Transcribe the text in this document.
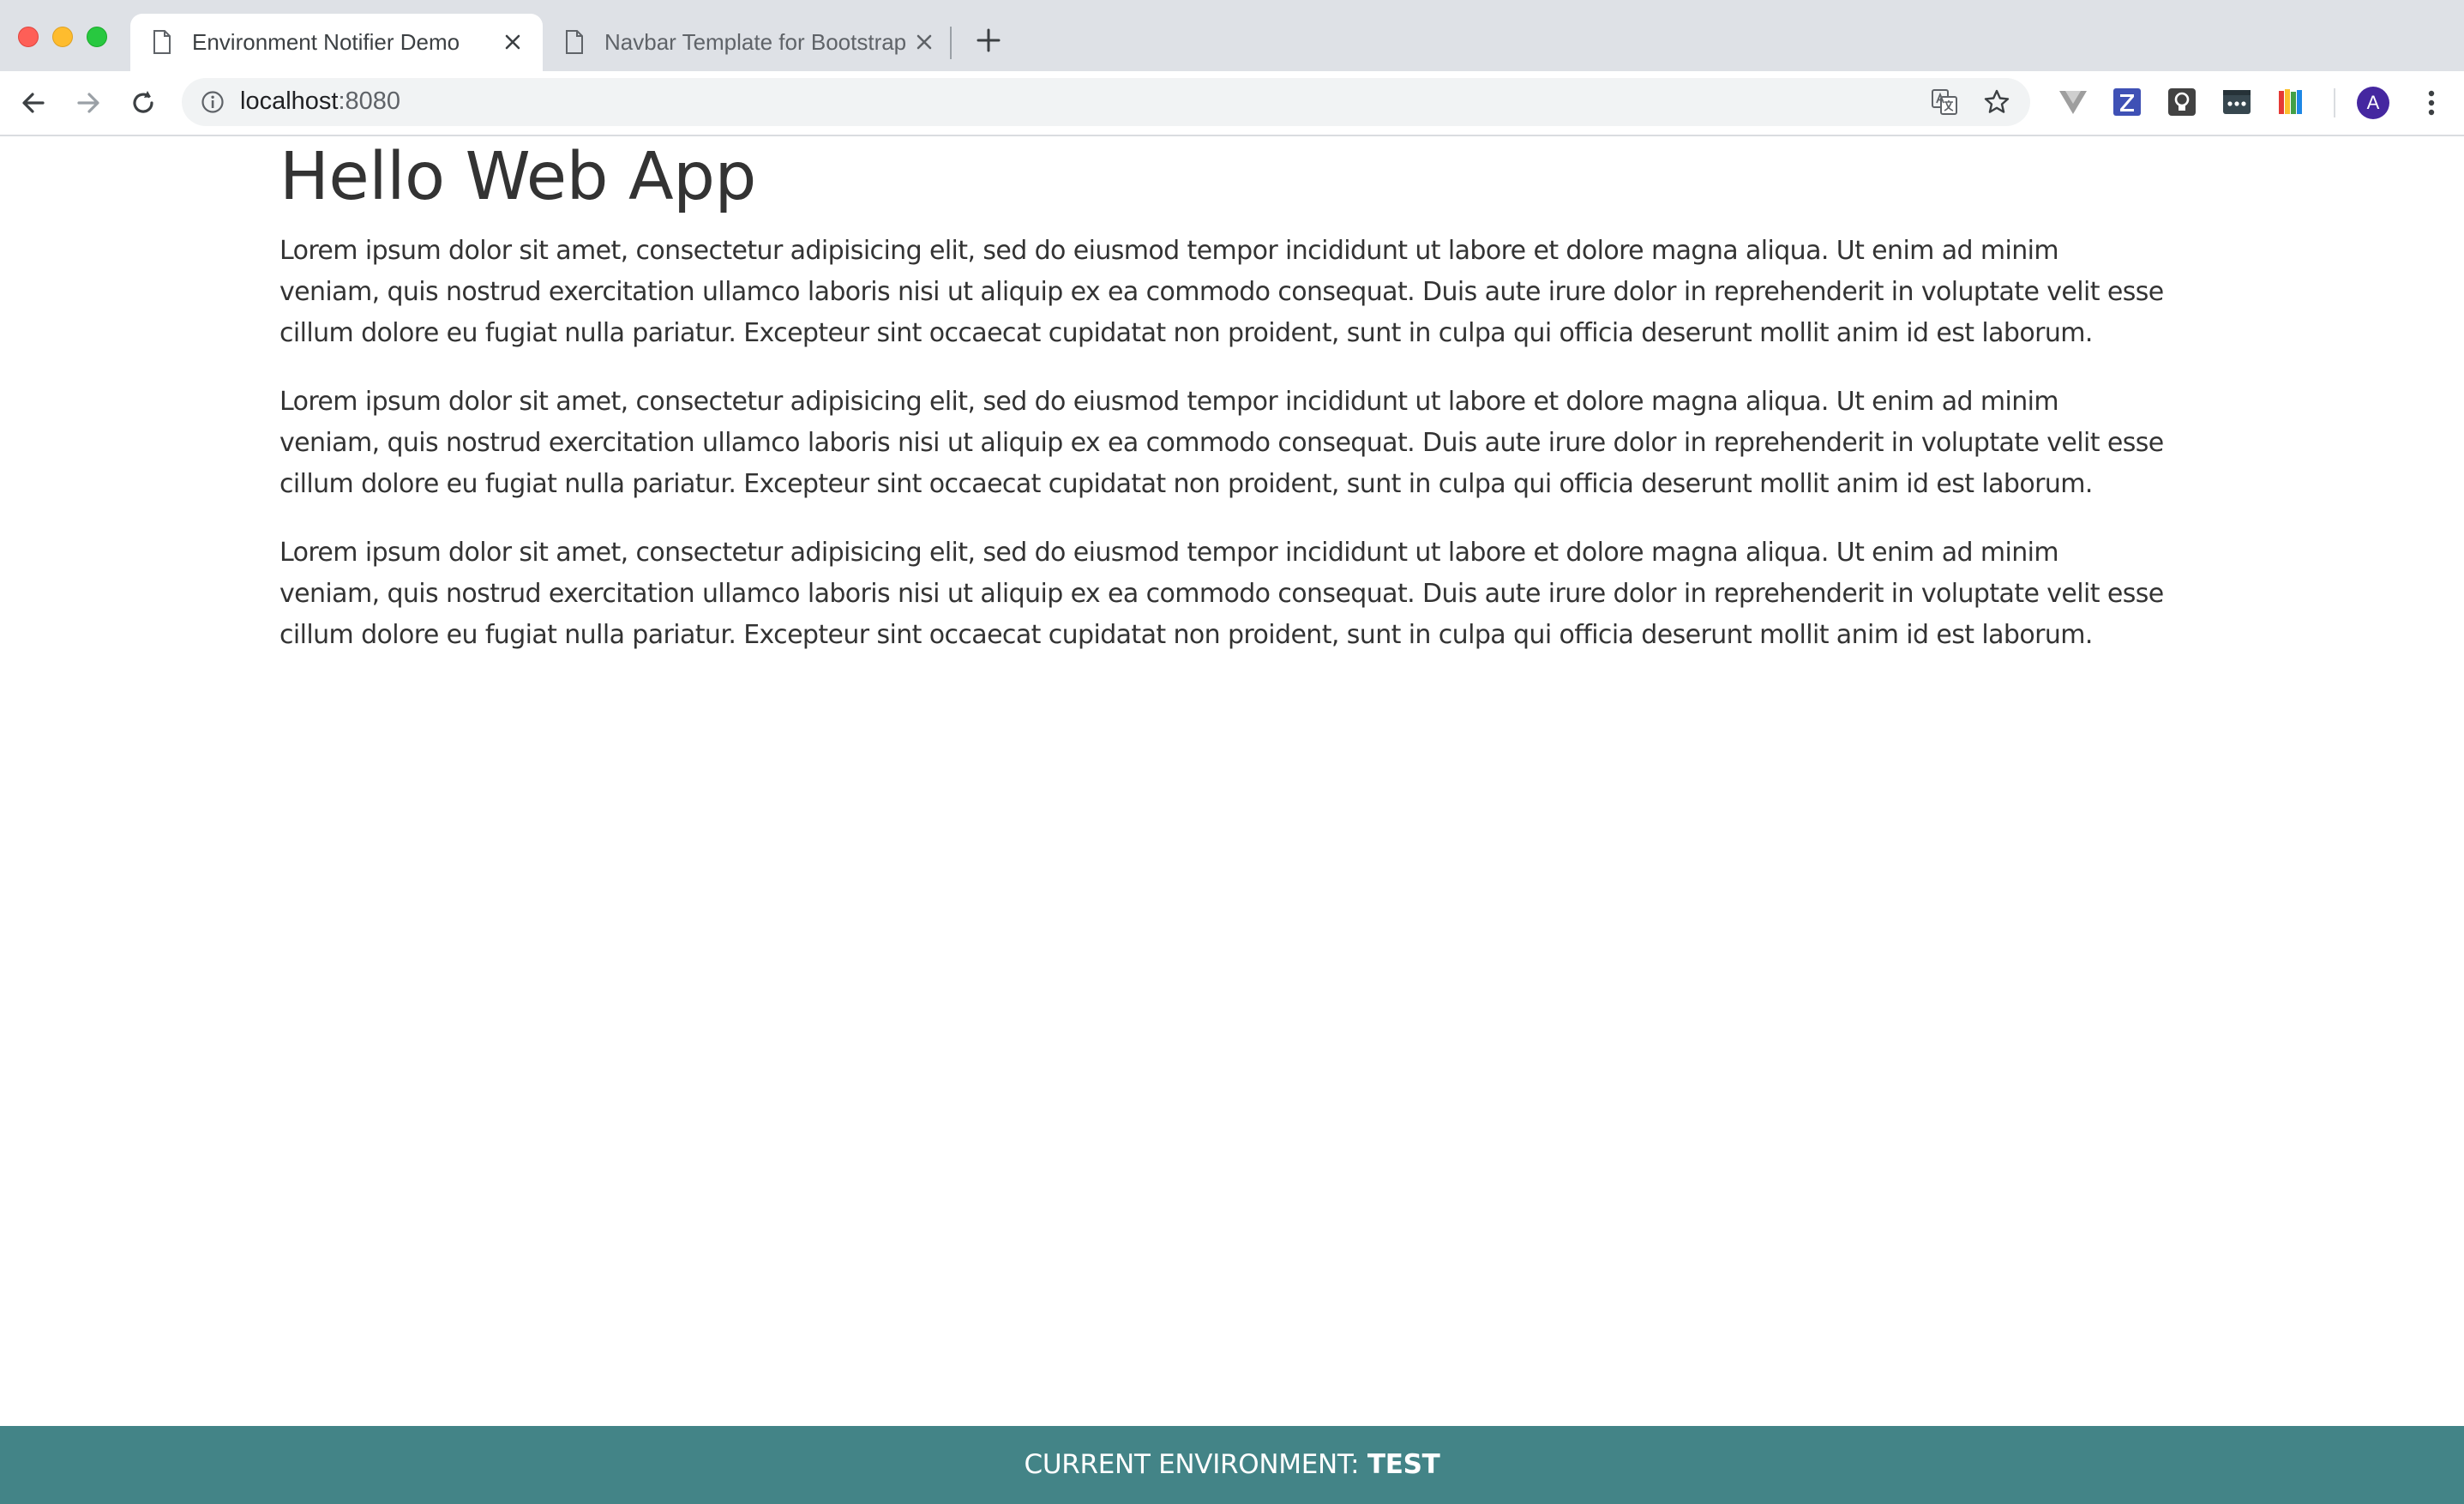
Environment Notifier Demo	Navbar Template for Bootstrap
localhost:8080	A
Hello Web App

Lorem ipsum dolor sit amet, consectetur adipisicing elit, sed do eiusmod tempor incididunt ut labore et dolore magna aliqua. Ut enim ad minim veniam, quis nostrud exercitation ullamco laboris nisi ut aliquip ex ea commodo consequat. Duis aute irure dolor in reprehenderit in voluptate velit esse cillum dolore eu fugiat nulla pariatur. Excepteur sint occaecat cupidatat non proident, sunt in culpa qui officia deserunt mollit anim id est laborum.

Lorem ipsum dolor sit amet, consectetur adipisicing elit, sed do eiusmod tempor incididunt ut labore et dolore magna aliqua. Ut enim ad minim veniam, quis nostrud exercitation ullamco laboris nisi ut aliquip ex ea commodo consequat. Duis aute irure dolor in reprehenderit in voluptate velit esse cillum dolore eu fugiat nulla pariatur. Excepteur sint occaecat cupidatat non proident, sunt in culpa qui officia deserunt mollit anim id est laborum.

Lorem ipsum dolor sit amet, consectetur adipisicing elit, sed do eiusmod tempor incididunt ut labore et dolore magna aliqua. Ut enim ad minim veniam, quis nostrud exercitation ullamco laboris nisi ut aliquip ex ea commodo consequat. Duis aute irure dolor in reprehenderit in voluptate velit esse cillum dolore eu fugiat nulla pariatur. Excepteur sint occaecat cupidatat non proident, sunt in culpa qui officia deserunt mollit anim id est laborum.

CURRENT ENVIRONMENT: TEST
